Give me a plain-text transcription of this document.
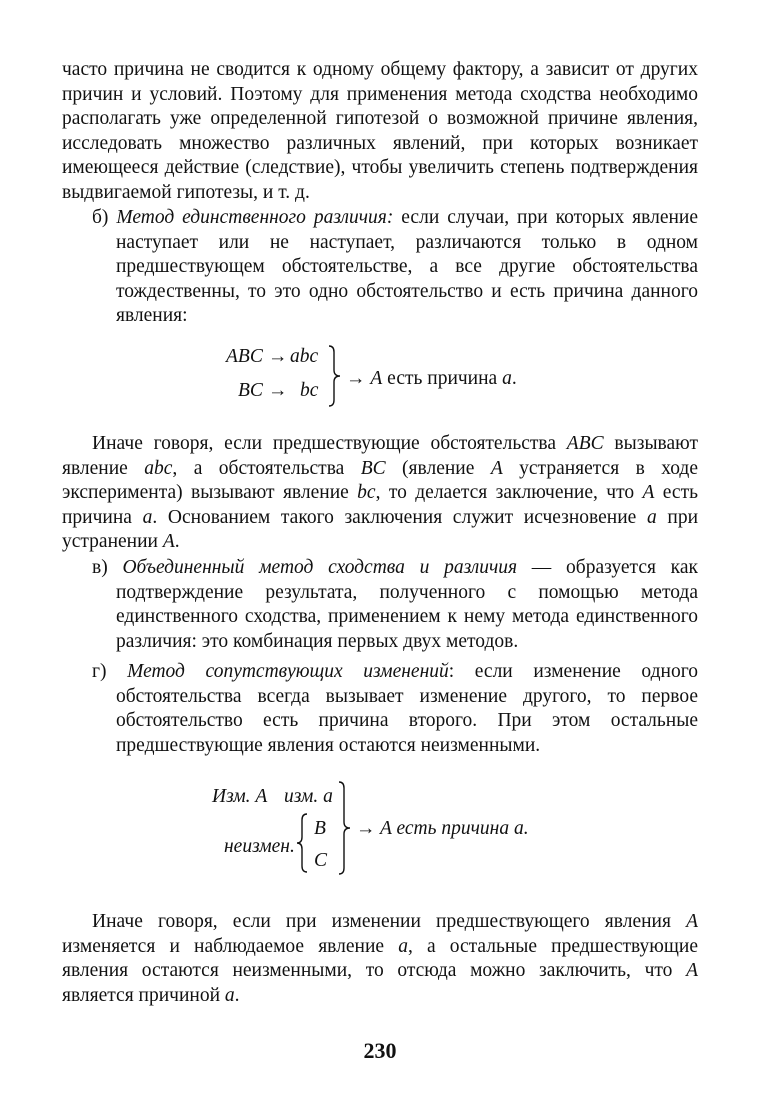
часто причина не сводится к одному общему фактору, а зависит от других причин и условий. Поэтому для применения метода сходства необходимо располагать уже определенной гипотезой о возможной причине явления, исследовать множество различных явлений, при которых возникает имеющееся действие (следствие), чтобы увеличить степень подтверждения выдвигаемой гипотезы, и т. д.
б) Метод единственного различия: если случаи, при которых явление наступает или не наступает, различаются только в одном предшествующем обстоятельстве, а все другие обстоятельства тождественны, то это одно обстоятельство и есть причина данного явления:
ABC → abc
BC → bc
→ A есть причина a.
Иначе говоря, если предшествующие обстоятельства ABC вызывают явление abc, а обстоятельства BC (явление A устраняется в ходе эксперимента) вызывают явление bc, то делается заключение, что A есть причина a. Основанием такого заключения служит исчезновение a при устранении A.
в) Объединенный метод сходства и различия — образуется как подтверждение результата, полученного с помощью метода единственного сходства, применением к нему метода единственного различия: это комбинация первых двух методов.
г) Метод сопутствующих изменений: если изменение одного обстоятельства всегда вызывает изменение другого, то первое обстоятельство есть причина второго. При этом остальные предшествующие явления остаются неизменными.
Изм. A изм. a
неизмен.
B
C
→ A есть причина a.
Иначе говоря, если при изменении предшествующего явления A изменяется и наблюдаемое явление a, а остальные предшествующие явления остаются неизменными, то отсюда можно заключить, что A является причиной a.
230
